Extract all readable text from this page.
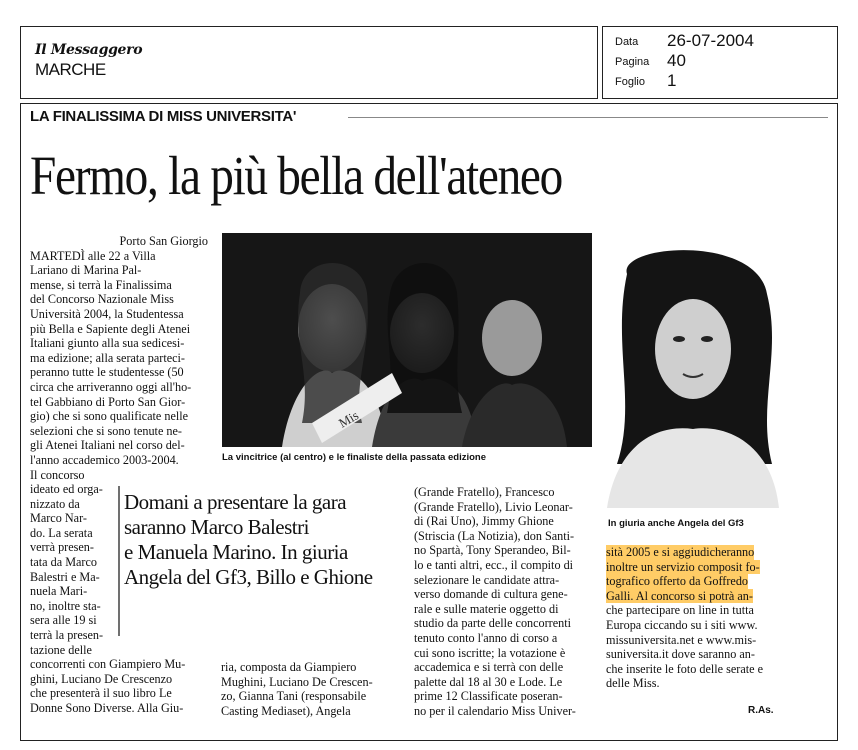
Il Messaggero
MARCHE
Data 26-07-2004
Pagina 40
Foglio 1
LA FINALISSIMA DI MISS UNIVERSITA'
Fermo, la più bella dell'ateneo
Porto San Giorgio
MARTEDÌ alle 22 a Villa
Lariano di Marina Pal-
mense, si terrà la Finalissima
del Concorso Nazionale Miss
Università 2004, la Studentessa
più Bella e Sapiente degli Atenei
Italiani giunto alla sua sedicesi-
ma edizione; alla serata parteci-
peranno tutte le studentesse (50
circa che arriveranno oggi all'ho-
tel Gabbiano di Porto San Gior-
gio) che si sono qualificate nelle
selezioni che si sono tenute ne-
gli Atenei Italiani nel corso del-
l'anno accademico 2003-2004.
Il concorso
ideato ed orga-
nizzato da
Marco Nar-
do. La serata
verrà presen-
tata da Marco
Balestri e Ma-
nuela Mari-
no, inoltre sta-
sera alle 19 si
terrà la presen-
tazione delle
concorrenti con Giampiero Mu-
ghini, Luciano De Crescenzo
che presenterà il suo libro Le
Donne Sono Diverse. Alla Giu-
Mis
La vincitrice (al centro) e le finaliste della passata edizione
In giuria anche Angela del Gf3
Domani a presentare la gara
saranno Marco Balestri
e Manuela Marino. In giuria
Angela del Gf3, Billo e Ghione
ria, composta da Giampiero
Mughini, Luciano De Crescen-
zo, Gianna Tani (responsabile
Casting Mediaset), Angela
(Grande Fratello), Francesco
(Grande Fratello), Livio Leonar-
di (Rai Uno), Jimmy Ghione
(Striscia (La Notizia), don Santi-
no Spartà, Tony Sperandeo, Bil-
lo e tanti altri, ecc., il compito di
selezionare le candidate attra-
verso domande di cultura gene-
rale e sulle materie oggetto di
studio da parte delle concorrenti
tenuto conto l'anno di corso a
cui sono iscritte; la votazione è
accademica e si terrà con delle
palette dal 18 al 30 e Lode. Le
prime 12 Classificate poseran-
no per il calendario Miss Univer-
sità 2005 e si aggiudicherannoinoltre un servizio composit fo-tografico offerto da GoffredoGalli. Al concorso si potrà an-
che partecipare on line in tutta
Europa ciccando su i siti www.
missuniversita.net e www.mis-
suniversita.it dove saranno an-
che inserite le foto delle serate e
delle Miss.
R.As.
